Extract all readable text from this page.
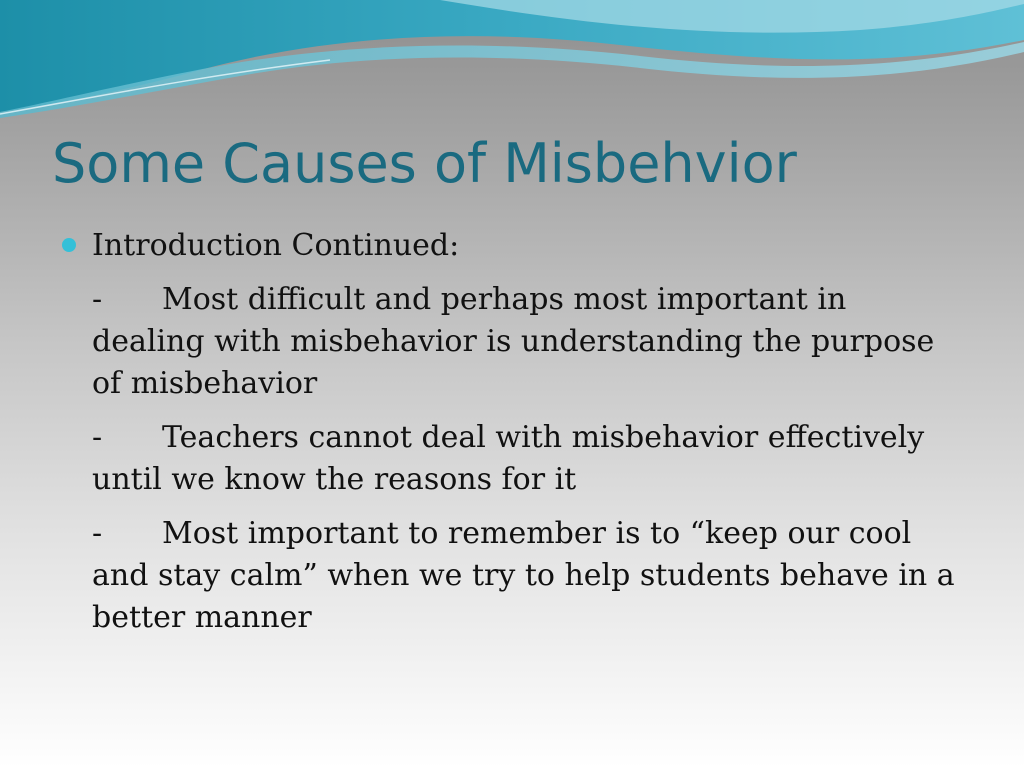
Some Causes of Misbehvior
Introduction Continued:
- Most difficult and perhaps most important in dealing with misbehavior is understanding the purpose of misbehavior
- Teachers cannot deal with misbehavior effectively until we know the reasons for it
- Most important to remember is to “keep our cool and stay calm” when we try to help students behave in a better manner
